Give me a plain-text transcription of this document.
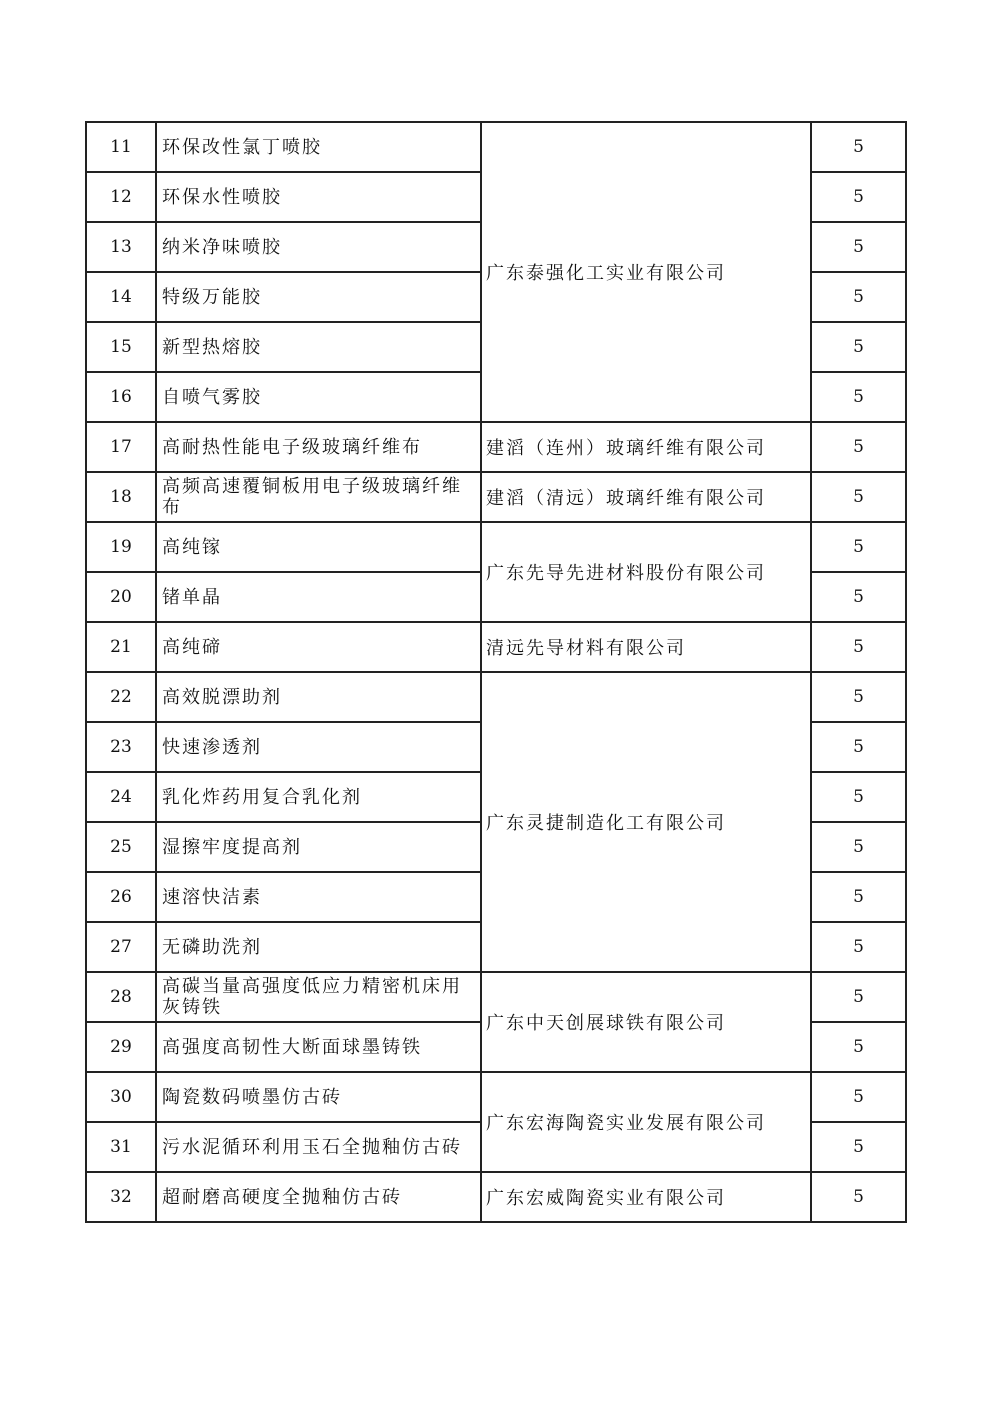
11	环保改性氯丁喷胶	广东泰强化工实业有限公司		5
12	环保水性喷胶		5
13	纳米净味喷胶		5
14	特级万能胶		5
15	新型热熔胶		5
16	自喷气雾胶		5
17	高耐热性能电子级玻璃纤维布	建滔（连州）玻璃纤维有限公司		5
18	高频高速覆铜板用电子级玻璃纤维布	建滔（清远）玻璃纤维有限公司		5
19	高纯镓	广东先导先进材料股份有限公司		5
20	锗单晶		5
21	高纯碲	清远先导材料有限公司		5
22	高效脱漂助剂	广东灵捷制造化工有限公司		5
23	快速渗透剂		5
24	乳化炸药用复合乳化剂		5
25	湿擦牢度提高剂		5
26	速溶快洁素		5
27	无磷助洗剂		5
28	高碳当量高强度低应力精密机床用灰铸铁	广东中天创展球铁有限公司		5
29	高强度高韧性大断面球墨铸铁		5
30	陶瓷数码喷墨仿古砖	广东宏海陶瓷实业发展有限公司		5
31	污水泥循环利用玉石全抛釉仿古砖		5
32	超耐磨高硬度全抛釉仿古砖	广东宏威陶瓷实业有限公司		5
